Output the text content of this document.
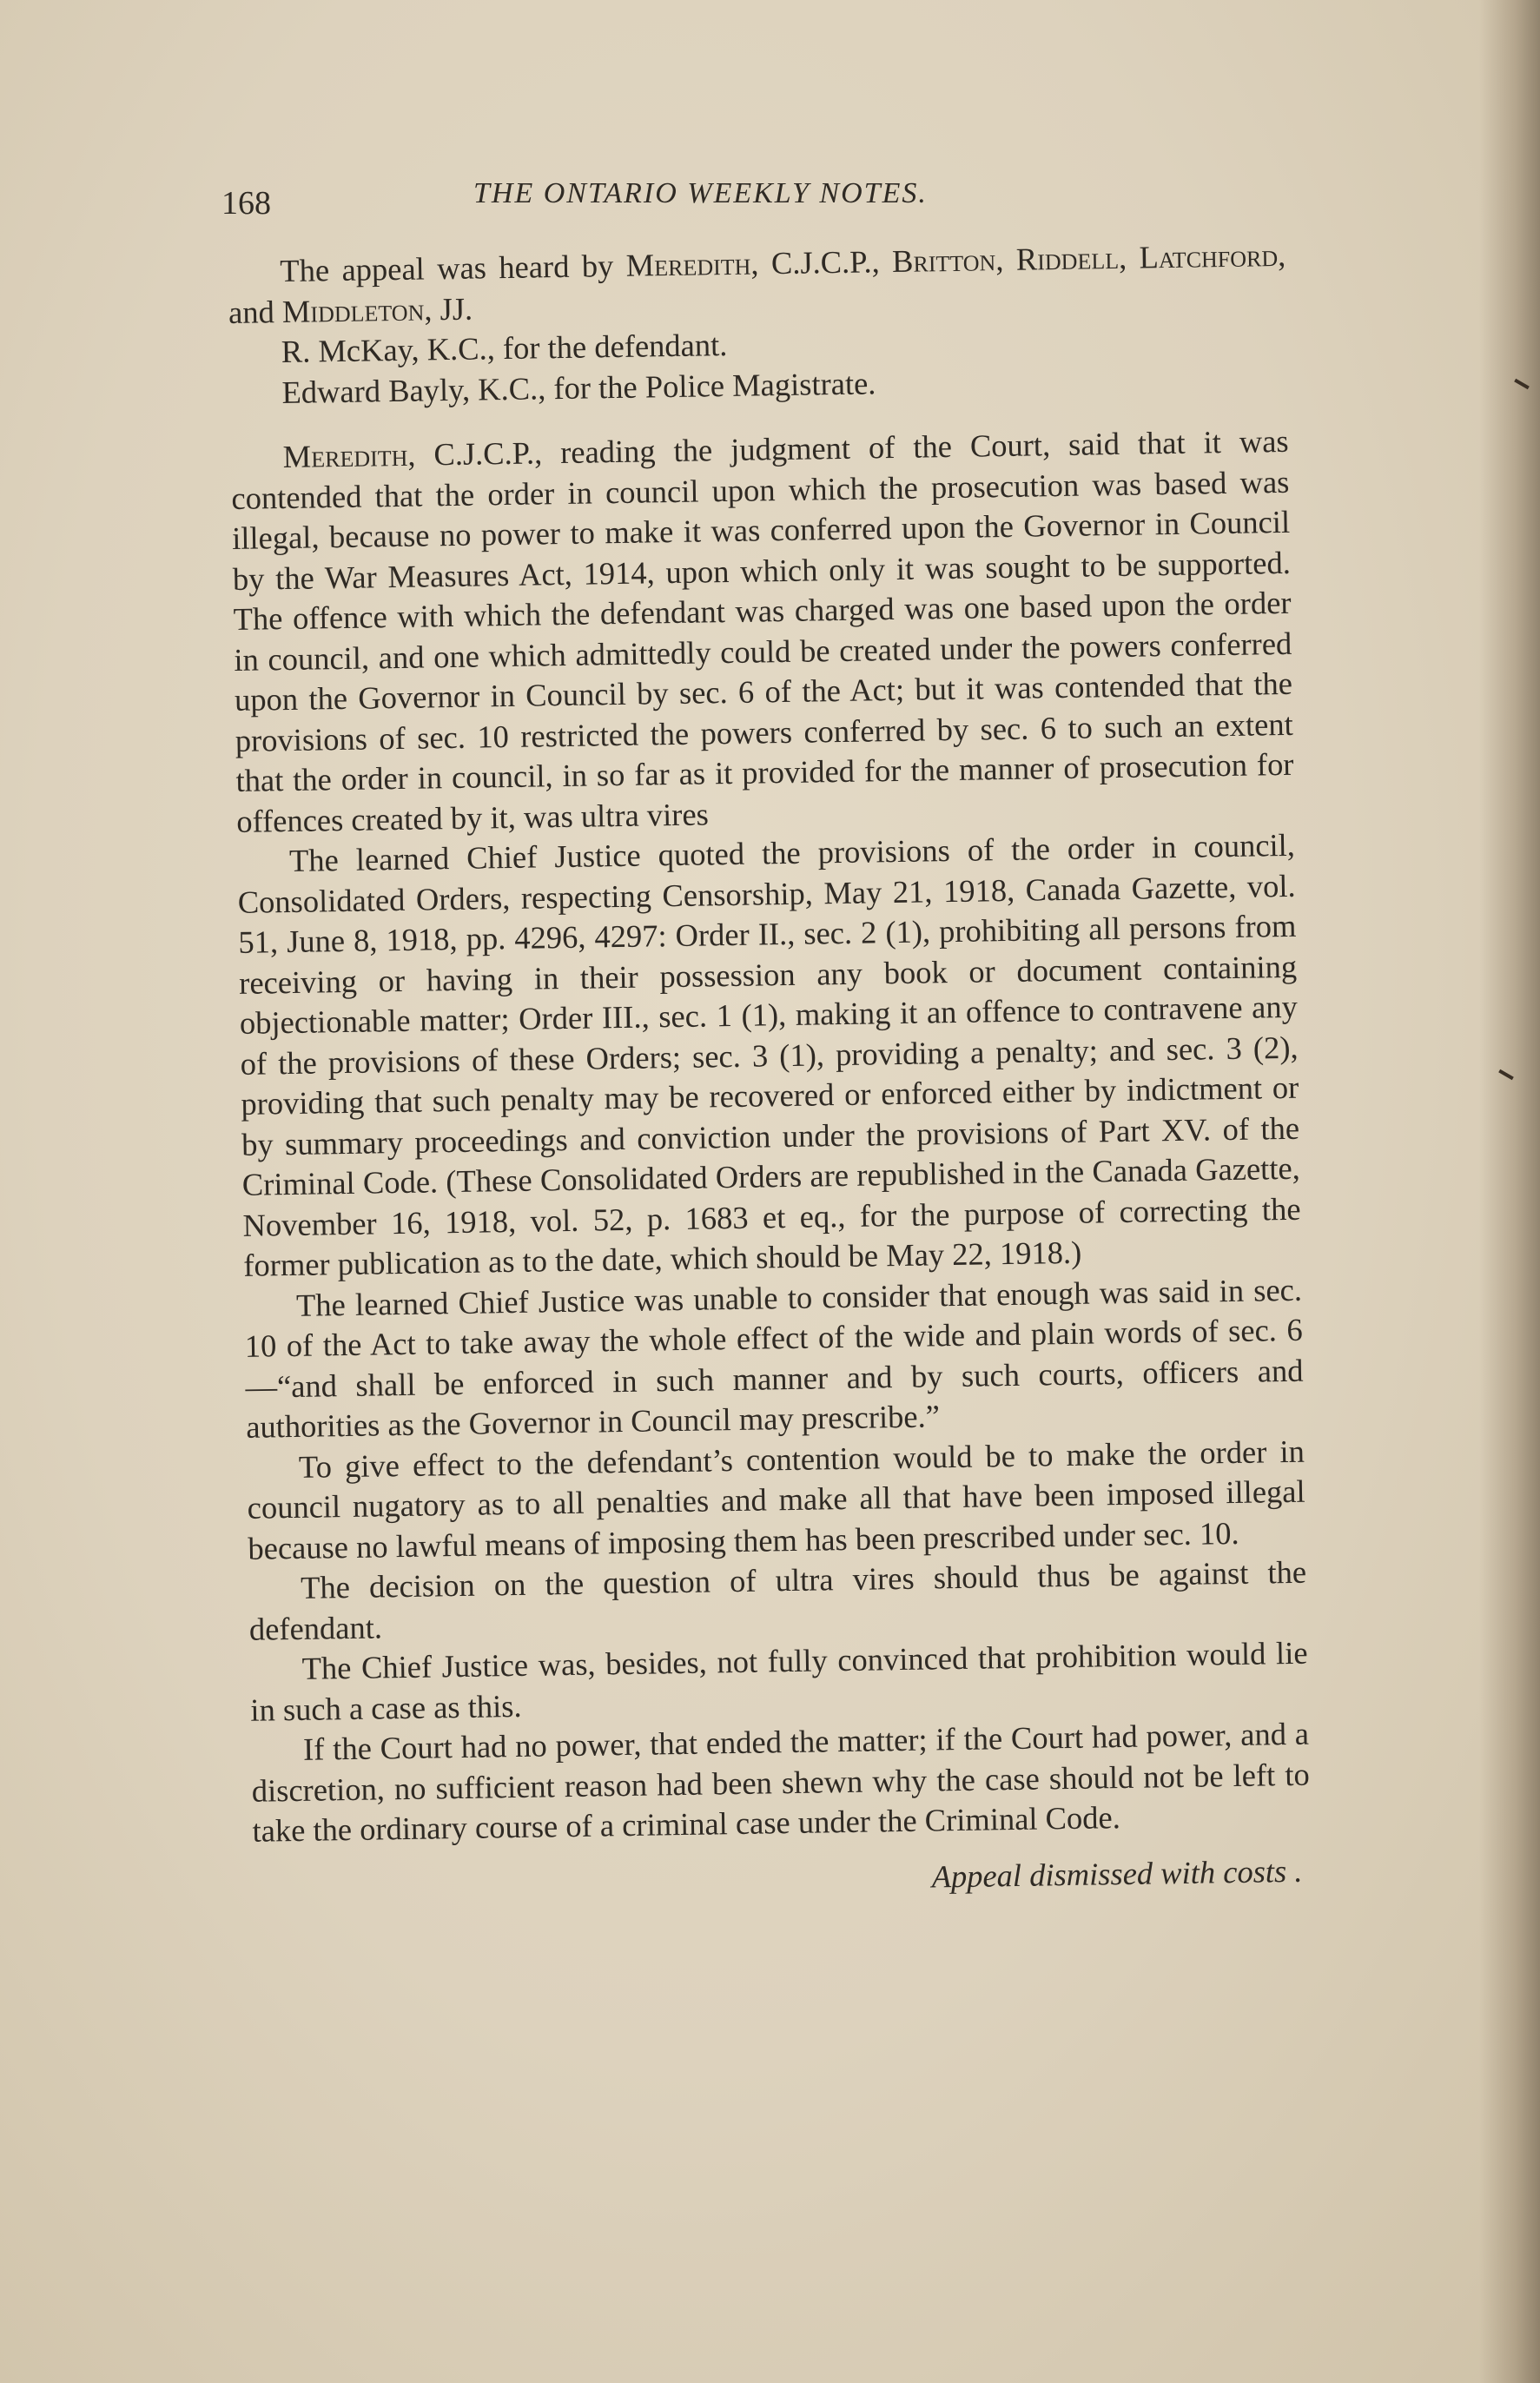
168	THE ONTARIO WEEKLY NOTES.

The appeal was heard by Meredith, C.J.C.P., Britton, Riddell, Latchford, and Middleton, JJ.

R. McKay, K.C., for the defendant.

Edward Bayly, K.C., for the Police Magistrate.

Meredith, C.J.C.P., reading the judgment of the Court, said that it was contended that the order in council upon which the prosecution was based was illegal, because no power to make it was conferred upon the Governor in Council by the War Measures Act, 1914, upon which only it was sought to be supported. The offence with which the defendant was charged was one based upon the order in council, and one which admittedly could be created under the powers conferred upon the Governor in Council by sec. 6 of the Act; but it was contended that the provisions of sec. 10 restricted the powers conferred by sec. 6 to such an extent that the order in council, in so far as it provided for the manner of prosecution for offences created by it, was ultra vires

The learned Chief Justice quoted the provisions of the order in council, Consolidated Orders, respecting Censorship, May 21, 1918, Canada Gazette, vol. 51, June 8, 1918, pp. 4296, 4297: Order II., sec. 2 (1), prohibiting all persons from receiving or having in their possession any book or document containing objectionable matter; Order III., sec. 1 (1), making it an offence to contravene any of the provisions of these Orders; sec. 3 (1), providing a penalty; and sec. 3 (2), providing that such penalty may be recovered or enforced either by indictment or by summary proceedings and conviction under the provisions of Part XV. of the Criminal Code. (These Consolidated Orders are republished in the Canada Gazette, November 16, 1918, vol. 52, p. 1683 et eq., for the purpose of correcting the former publication as to the date, which should be May 22, 1918.)

The learned Chief Justice was unable to consider that enough was said in sec. 10 of the Act to take away the whole effect of the wide and plain words of sec. 6—“and shall be enforced in such manner and by such courts, officers and authorities as the Governor in Council may prescribe.”

To give effect to the defendant’s contention would be to make the order in council nugatory as to all penalties and make all that have been imposed illegal because no lawful means of imposing them has been prescribed under sec. 10.

The decision on the question of ultra vires should thus be against the defendant.

The Chief Justice was, besides, not fully convinced that prohibition would lie in such a case as this.

If the Court had no power, that ended the matter; if the Court had power, and a discretion, no sufficient reason had been shewn why the case should not be left to take the ordinary course of a criminal case under the Criminal Code.

Appeal dismissed with costs .
